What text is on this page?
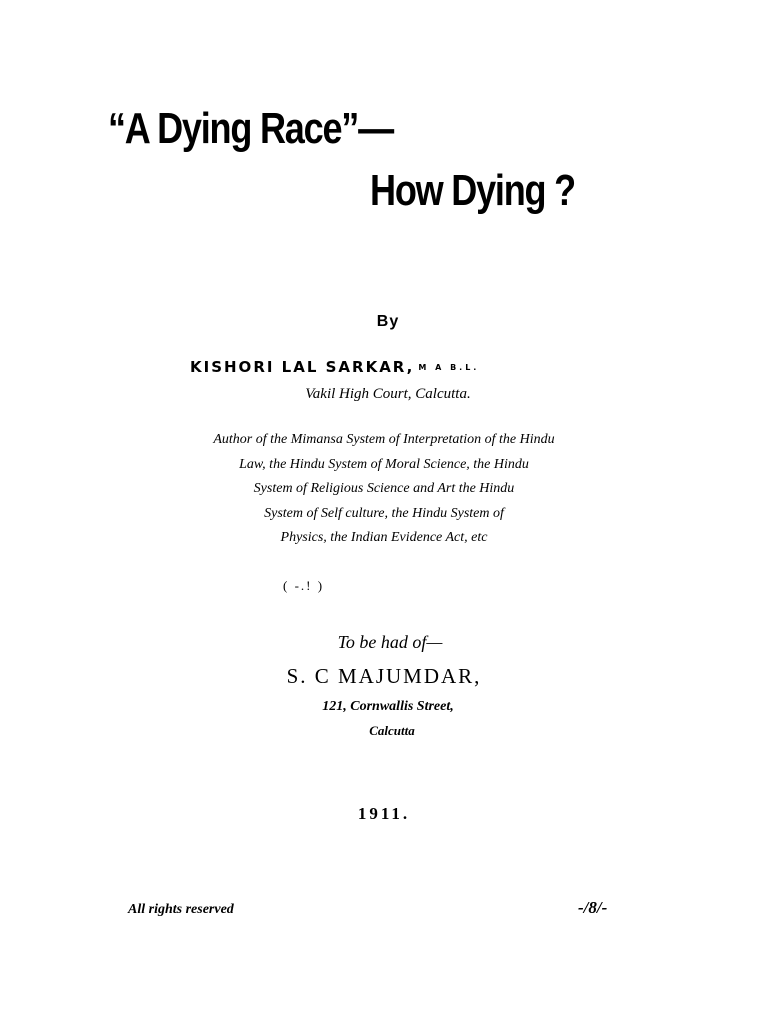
“A Dying Race”—
How Dying ?
By
KISHORI LAL SARKAR, M A B.L.
Vakil High Court, Calcutta.
Author of the Mimansa System of Interpretation of the Hindu
Law, the Hindu System of Moral Science, the Hindu
System of Religious Science and Art the Hindu
System of Self culture, the Hindu System of
Physics, the Indian Evidence Act, etc
( -.! )
To be had of—
S. C MAJUMDAR,
121, Cornwallis Street,
Calcutta
1911.
All rights reserved	-/8/-
